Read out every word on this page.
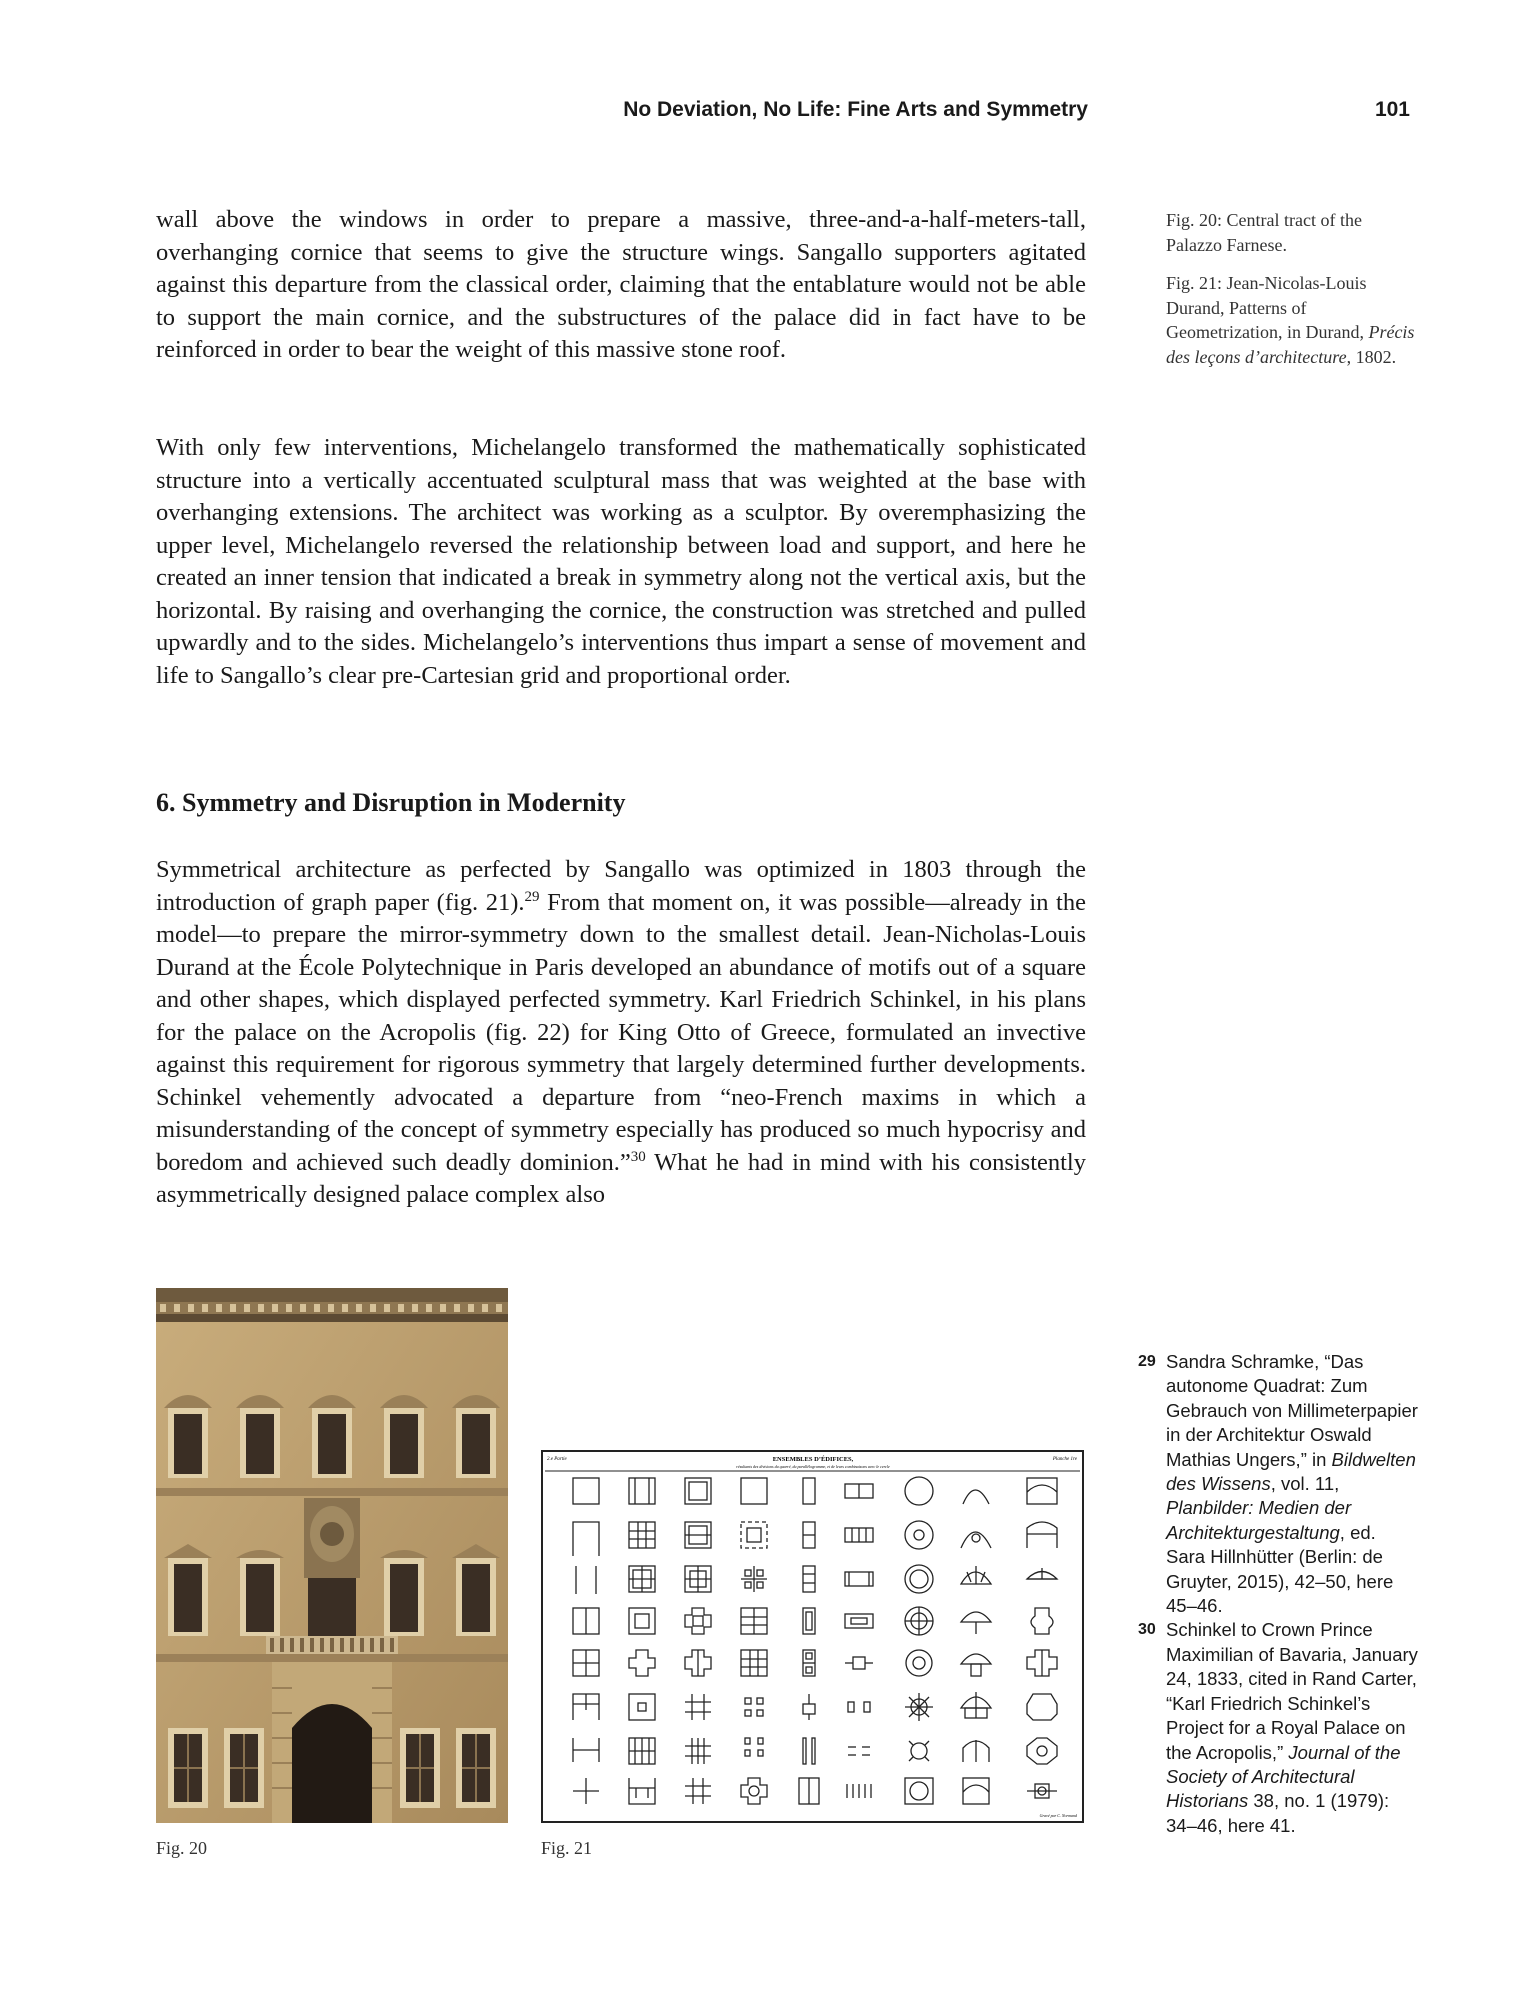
No Deviation, No Life: Fine Arts and Symmetry	101

wall above the windows in order to prepare a massive, three-and-a-half-meters-tall, overhanging cornice that seems to give the structure wings. Sangallo supporters agitated against this departure from the classical order, claiming that the entablature would not be able to support the main cornice, and the substructures of the palace did in fact have to be reinforced in order to bear the weight of this massive stone roof.

With only few interventions, Michelangelo transformed the mathematically sophisticated structure into a vertically accentuated sculptural mass that was weighted at the base with overhanging extensions. The architect was working as a sculptor. By overemphasizing the upper level, Michelangelo reversed the relationship between load and support, and here he created an inner tension that indicated a break in symmetry along not the vertical axis, but the horizontal. By raising and overhanging the cornice, the construction was stretched and pulled upwardly and to the sides. Michelangelo’s interventions thus impart a sense of movement and life to Sangallo’s clear pre-Cartesian grid and proportional order.

6. Symmetry and Disruption in Modernity

Symmetrical architecture as perfected by Sangallo was optimized in 1803 through the introduction of graph paper (fig. 21).$^{29}$ From that moment on, it was possible—already in the model—to prepare the mirror-symmetry down to the smallest detail. Jean-Nicholas-Louis Durand at the École Polytechnique in Paris developed an abundance of motifs out of a square and other shapes, which displayed perfected symmetry. Karl Friedrich Schinkel, in his plans for the palace on the Acropolis (fig. 22) for King Otto of Greece, formulated an invective against this requirement for rigorous symmetry that largely determined further developments. Schinkel vehemently advocated a departure from “neo-French maxims in which a misunderstanding of the concept of symmetry especially has produced so much hypocrisy and boredom and achieved such deadly dominion.”$^{30}$ What he had in mind with his consistently asymmetrically designed palace complex also

Fig. 20: Central tract of the Palazzo Farnese.

Fig. 21: Jean-Nicolas-Louis Durand, Patterns of Geometrization, in Durand, Précis des leçons d’architecture, 1802.

2.e Partie	Planche 1re
ENSEMBLES D’ÉDIFICES,
résultants des divisions du quarré, du parallélogramme, et de leurs combinaisons avec le cercle
Gravé par C. Normand
Fig. 20	Fig. 21

29 Sandra Schramke, “Das autonome Quadrat: Zum Gebrauch von Millimeterpapier in der Architektur Oswald Mathias Ungers,” in Bildwelten des Wissens, vol. 11, Planbilder: Medien der Architekturgestaltung, ed. Sara Hillnhütter (Berlin: de Gruyter, 2015), 42–50, here 45–46.

30 Schinkel to Crown Prince Maximilian of Bavaria, January 24, 1833, cited in Rand Carter, “Karl Friedrich Schinkel’s Project for a Royal Palace on the Acropolis,” Journal of the Society of Architectural Historians 38, no. 1 (1979): 34–46, here 41.
